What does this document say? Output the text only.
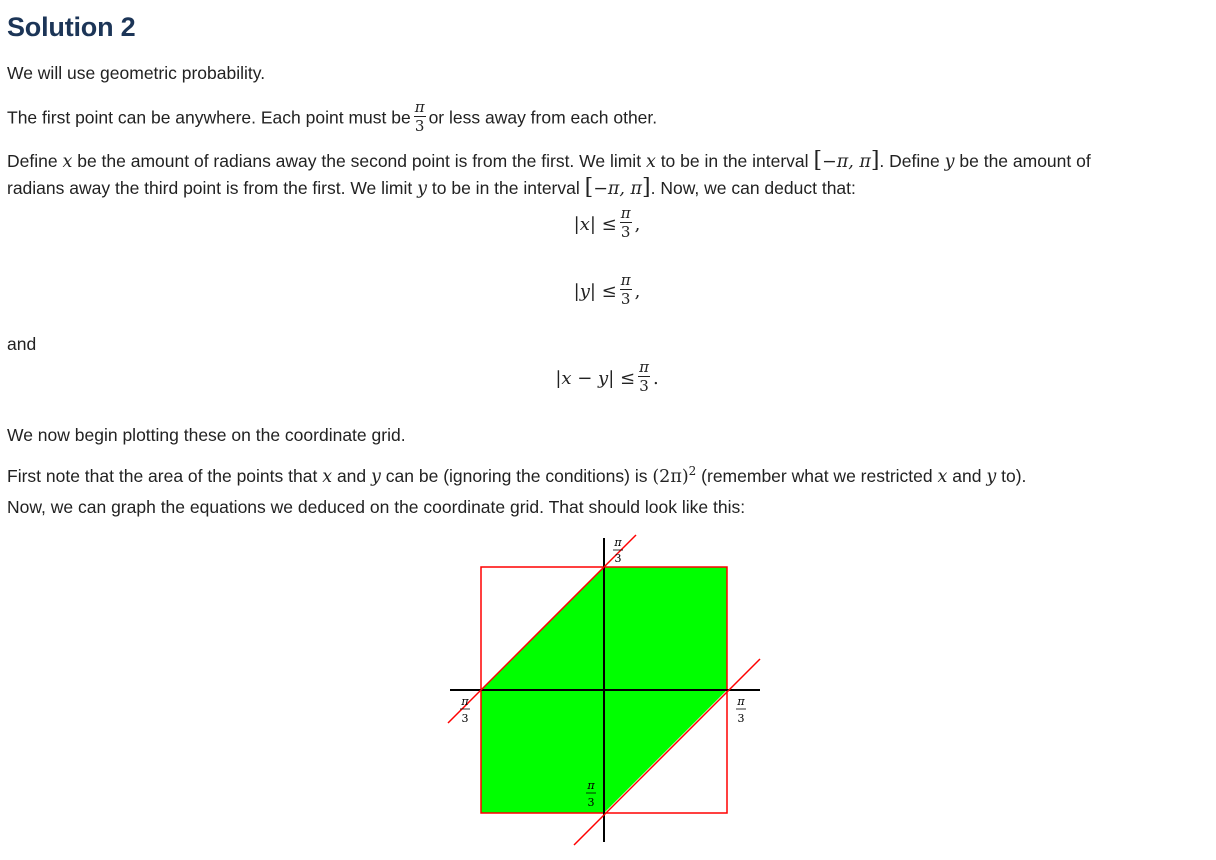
Solution 2

We will use geometric probability.

The first point can be anywhere. Each point must be $\frac{\pi}{3}$ or less away from each other.

Define x be the amount of radians away the second point is from the first. We limit x to be in the interval [−π, π]. Define y be the amount of
radians away the third point is from the first. We limit y to be in the interval [−π, π]. Now, we can deduct that:

$|x| \le \frac{\pi}{3}$ ,
$|y| \le \frac{\pi}{3}$ ,

and

$|x - y| \le \frac{\pi}{3}$ .

We now begin plotting these on the coordinate grid.

First note that the area of the points that x and y can be (ignoring the conditions) is $(2\pi)^2$ (remember what we restricted x and y to).

Now, we can graph the equations we deduced on the coordinate grid. That should look like this:

π
3
π
3
π
3
π
3
